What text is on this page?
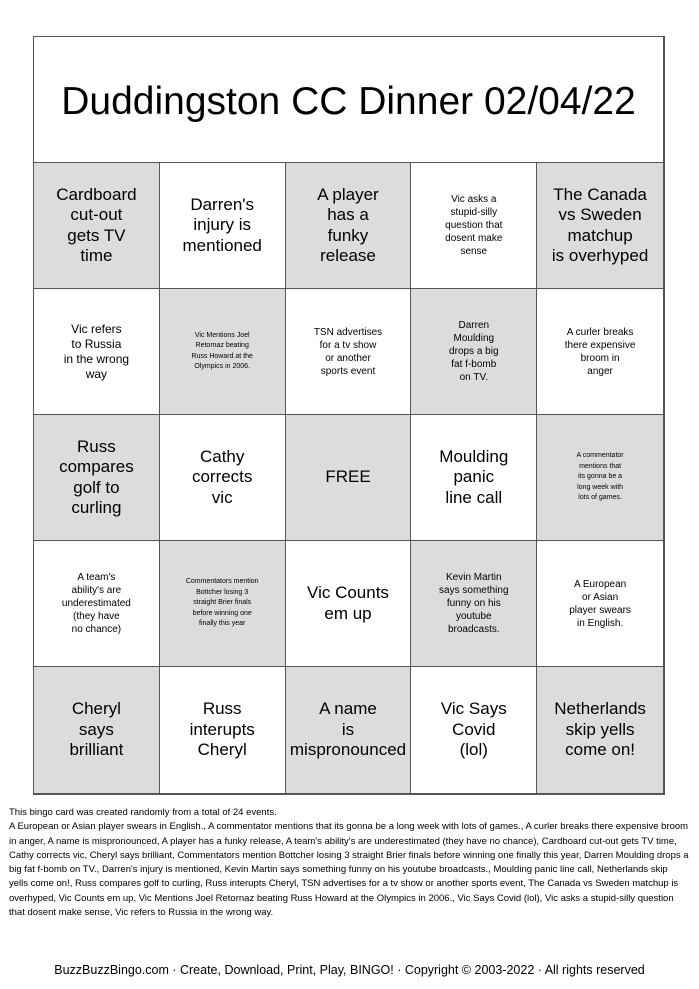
Duddingston CC Dinner 02/04/22
Cardboard
cut-out
gets TV
time
Darren's
injury is
mentioned
A player
has a
funky
release
Vic asks a
stupid-silly
question that
dosent make
sense
The Canada
vs Sweden
matchup
is overhyped
Vic refers
to Russia
in the wrong
way
Vic Mentions Joel
Retornaz beating
Russ Howard at the
Olympics in 2006.
TSN advertises
for a tv show
or another
sports event
Darren
Moulding
drops a big
fat f-bomb
on TV.
A curler breaks
there expensive
broom in
anger
Russ
compares
golf to
curling
Cathy
corrects
vic
FREE
Moulding
panic
line call
A commentator
mentions that
its gonna be a
long week with
lots of games.
A team's
ability's are
underestimated
(they have
no chance)
Commentators mention
Bottcher losing 3
straight Brier finals
before winning one
finally this year
Vic Counts
em up
Kevin Martin
says something
funny on his
youtube
broadcasts.
A European
or Asian
player swears
in English.
Cheryl
says
brilliant
Russ
interupts
Cheryl
A name
is
mispronounced
Vic Says
Covid
(lol)
Netherlands
skip yells
come on!

This bingo card was created randomly from a total of 24 events.

A European or Asian player swears in English., A commentator mentions that its gonna be a long week with lots of games., A curler breaks there expensive broom in anger, A name is mispronounced, A player has a funky release, A team's ability's are underestimated (they have no chance), Cardboard cut-out gets TV time, Cathy corrects vic, Cheryl says brilliant, Commentators mention Bottcher losing 3 straight Brier finals before winning one finally this year, Darren Moulding drops a big fat f-bomb on TV., Darren's injury is mentioned, Kevin Martin says something funny on his youtube broadcasts., Moulding panic line call, Netherlands skip yells come on!, Russ compares golf to curling, Russ interupts Cheryl, TSN advertises for a tv show or another sports event, The Canada vs Sweden matchup is overhyped, Vic Counts em up, Vic Mentions Joel Retornaz beating Russ Howard at the Olympics in 2006., Vic Says Covid (lol), Vic asks a stupid-silly question that dosent make sense, Vic refers to Russia in the wrong way.

BuzzBuzzBingo.com · Create, Download, Print, Play, BINGO! · Copyright © 2003-2022 · All rights reserved
